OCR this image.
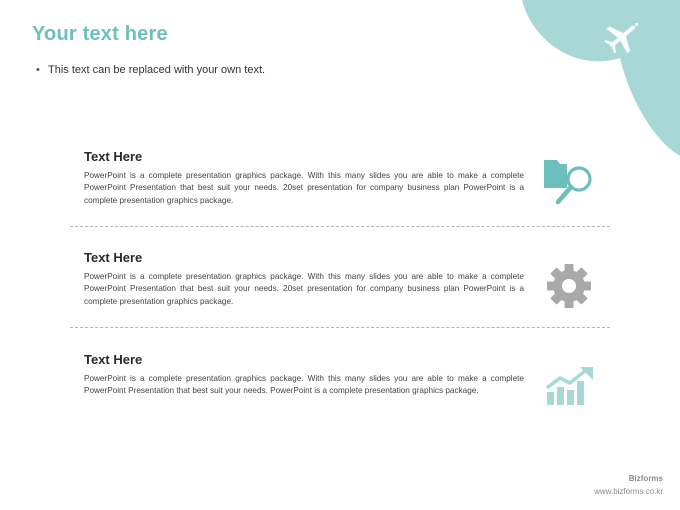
Your text here
• This text can be replaced with your own text.
Text Here

PowerPoint is a complete presentation graphics package. With this many slides you are able to make a complete PowerPoint Presentation that best suit your needs. 20set presentation for company business plan PowerPoint is a complete presentation graphics package.

Text Here

PowerPoint is a complete presentation graphics package. With this many slides you are able to make a complete PowerPoint Presentation that best suit your needs. 20set presentation for company business plan PowerPoint is a complete presentation graphics package.

Text Here

PowerPoint is a complete presentation graphics package. With this many slides you are able to make a complete PowerPoint Presentation that best suit your needs. PowerPoint is a complete presentation graphics package.

Bizforms
www.bizforms.co.kr
